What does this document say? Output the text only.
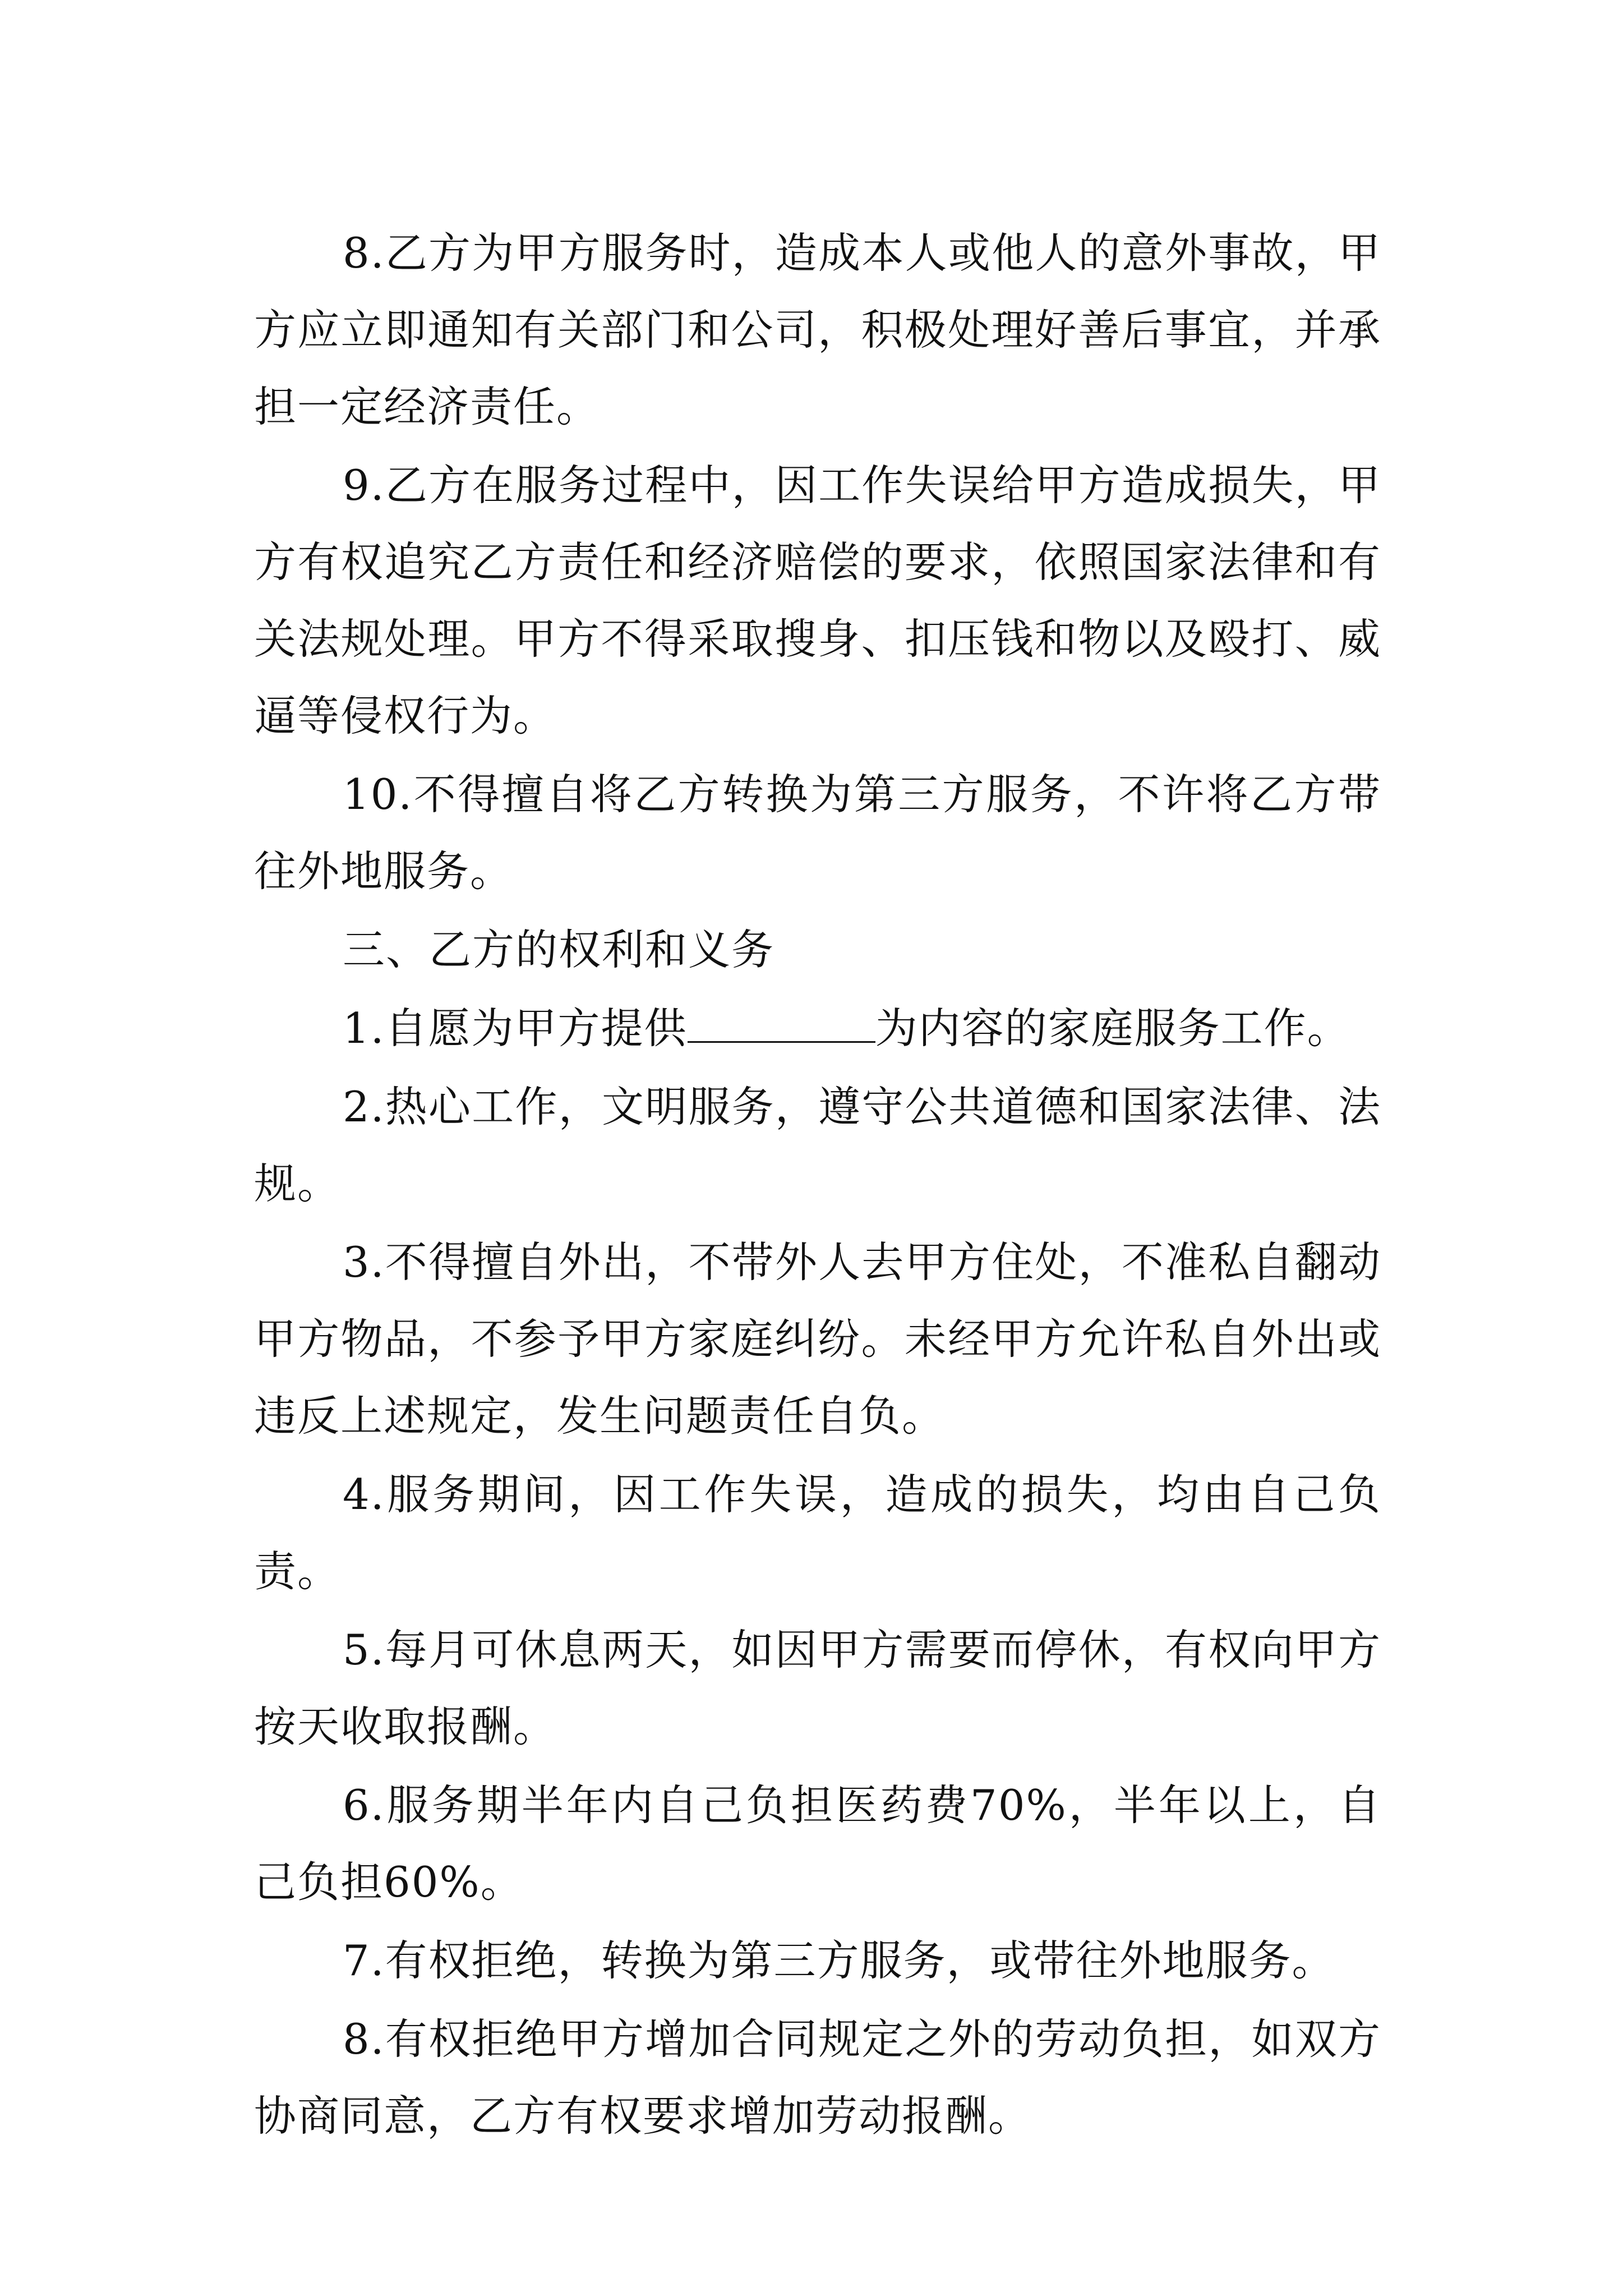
8.乙方为甲方服务时，造成本人或他人的意外事故，甲方应立即通知有关部门和公司，积极处理好善后事宜，并承担一定经济责任。

9.乙方在服务过程中，因工作失误给甲方造成损失，甲方有权追究乙方责任和经济赔偿的要求，依照国家法律和有关法规处理。甲方不得采取搜身、扣压钱和物以及殴打、威逼等侵权行为。

10.不得擅自将乙方转换为第三方服务，不许将乙方带往外地服务。

三、乙方的权利和义务

1.自愿为甲方提供	为内容的家庭服务工作。

2.热心工作，文明服务，遵守公共道德和国家法律、法规。

3.不得擅自外出，不带外人去甲方住处，不准私自翻动甲方物品，不参予甲方家庭纠纷。未经甲方允许私自外出或违反上述规定，发生问题责任自负。

4.服务期间，因工作失误，造成的损失，均由自己负责。

5.每月可休息两天，如因甲方需要而停休，有权向甲方按天收取报酬。

6.服务期半年内自己负担医药费70%，半年以上，自己负担60%。

7.有权拒绝，转换为第三方服务，或带往外地服务。

8.有权拒绝甲方增加合同规定之外的劳动负担，如双方协商同意，乙方有权要求增加劳动报酬。
